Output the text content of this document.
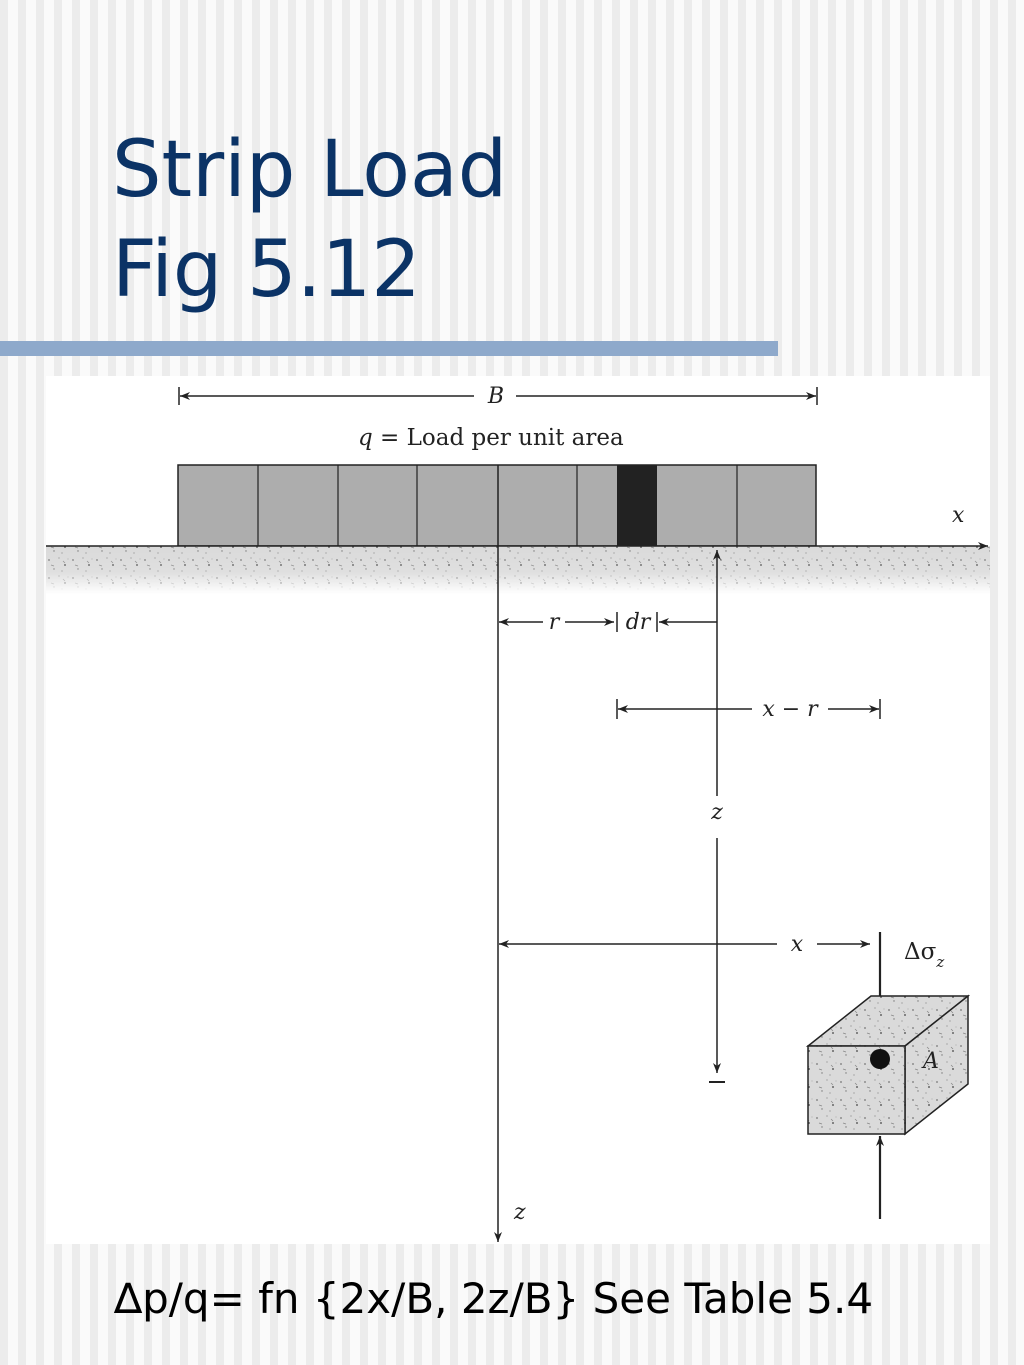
Strip Load
Fig 5.12
B
q = Load per unit area
x
z
r	dr
z
x − r
x	$\Delta\sigma_z$
A
∆p/q= fn {2x/B, 2z/B} See Table 5.4
